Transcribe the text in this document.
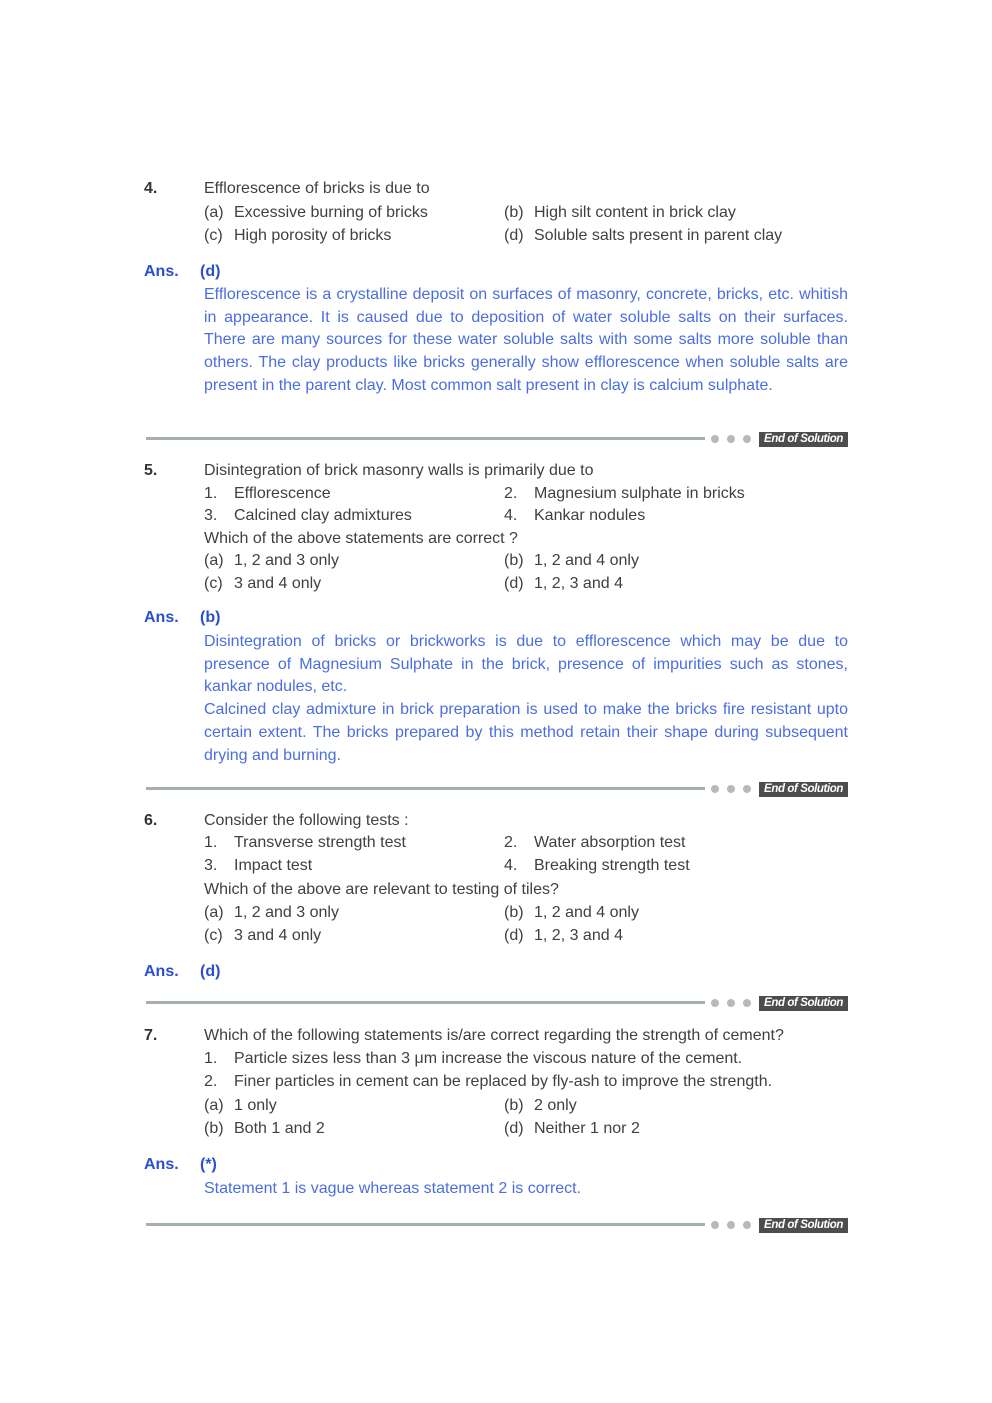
4.	Efflorescence of bricks is due to
(a) Excessive burning of bricks	(b) High silt content in brick clay
(c) High porosity of bricks	(d) Soluble salts present in parent clay
Ans. (d)

Efflorescence is a crystalline deposit on surfaces of masonry, concrete, bricks, etc. whitish in appearance. It is caused due to deposition of water soluble salts on their surfaces. There are many sources for these water soluble salts with some salts more soluble than others. The clay products like bricks generally show efflorescence when soluble salts are present in the parent clay. Most common salt present in clay is calcium sulphate.

End of Solution
5.	Disintegration of brick masonry walls is primarily due to
1. Efflorescence	2. Magnesium sulphate in bricks
3. Calcined clay admixtures	4. Kankar nodules
Which of the above statements are correct ?
(a) 1, 2 and 3 only	(b) 1, 2 and 4 only
(c) 3 and 4 only	(d) 1, 2, 3 and 4
Ans. (b)

Disintegration of bricks or brickworks is due to efflorescence which may be due to presence of Magnesium Sulphate in the brick, presence of impurities such as stones, kankar nodules, etc.

Calcined clay admixture in brick preparation is used to make the bricks fire resistant upto certain extent. The bricks prepared by this method retain their shape during subsequent drying and burning.

End of Solution
6.	Consider the following tests :
1. Transverse strength test	2. Water absorption test
3. Impact test	4. Breaking strength test
Which of the above are relevant to testing of tiles?
(a) 1, 2 and 3 only	(b) 1, 2 and 4 only
(c) 3 and 4 only	(d) 1, 2, 3 and 4
Ans. (d)
End of Solution
7.	Which of the following statements is/are correct regarding the strength of cement?
1. Particle sizes less than 3 μm increase the viscous nature of the cement.
2. Finer particles in cement can be replaced by fly-ash to improve the strength.
(a) 1 only	(b) 2 only
(b) Both 1 and 2	(d) Neither 1 nor 2
Ans. (*)

Statement 1 is vague whereas statement 2 is correct.

End of Solution
